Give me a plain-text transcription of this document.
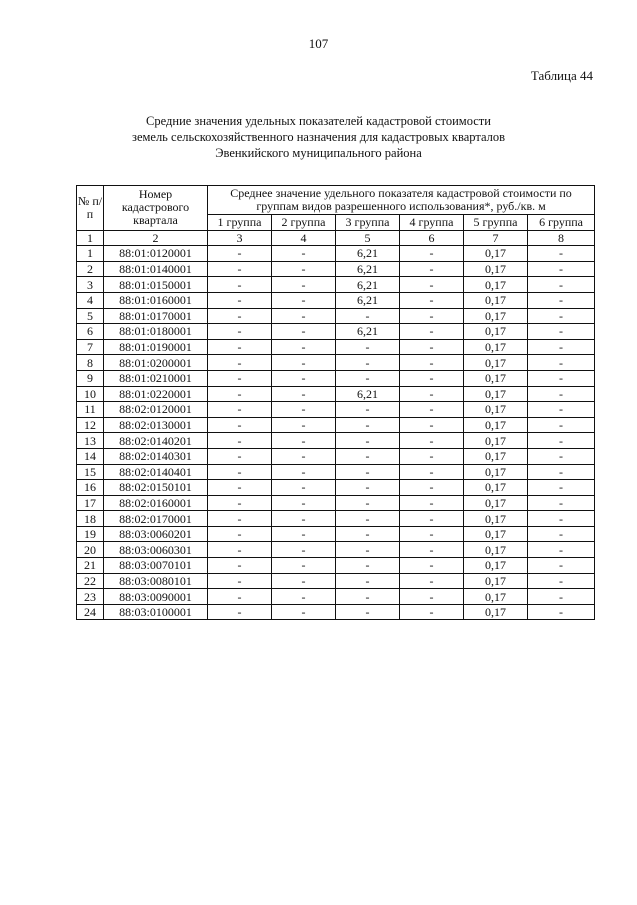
107
Таблица 44
Средние значения удельных показателей кадастровой стоимости
земель сельскохозяйственного назначения для кадастровых кварталов
Эвенкийского муниципального района
№ п/п	Номер кадастрового квартала	Среднее значение удельного показателя кадастровой стоимости по группам видов разрешенного использования*, руб./кв. м					
		1 группа	2 группа	3 группа	4 группа	5 группа	6 группа
1	2	3	4	5	6	7	8
1	88:01:0120001	-	-	6,21	-	0,17	-
2	88:01:0140001	-	-	6,21	-	0,17	-
3	88:01:0150001	-	-	6,21	-	0,17	-
4	88:01:0160001	-	-	6,21	-	0,17	-
5	88:01:0170001	-	-	-	-	0,17	-
6	88:01:0180001	-	-	6,21	-	0,17	-
7	88:01:0190001	-	-	-	-	0,17	-
8	88:01:0200001	-	-	-	-	0,17	-
9	88:01:0210001	-	-	-	-	0,17	-
10	88:01:0220001	-	-	6,21	-	0,17	-
11	88:02:0120001	-	-	-	-	0,17	-
12	88:02:0130001	-	-	-	-	0,17	-
13	88:02:0140201	-	-	-	-	0,17	-
14	88:02:0140301	-	-	-	-	0,17	-
15	88:02:0140401	-	-	-	-	0,17	-
16	88:02:0150101	-	-	-	-	0,17	-
17	88:02:0160001	-	-	-	-	0,17	-
18	88:02:0170001	-	-	-	-	0,17	-
19	88:03:0060201	-	-	-	-	0,17	-
20	88:03:0060301	-	-	-	-	0,17	-
21	88:03:0070101	-	-	-	-	0,17	-
22	88:03:0080101	-	-	-	-	0,17	-
23	88:03:0090001	-	-	-	-	0,17	-
24	88:03:0100001	-	-	-	-	0,17	-
